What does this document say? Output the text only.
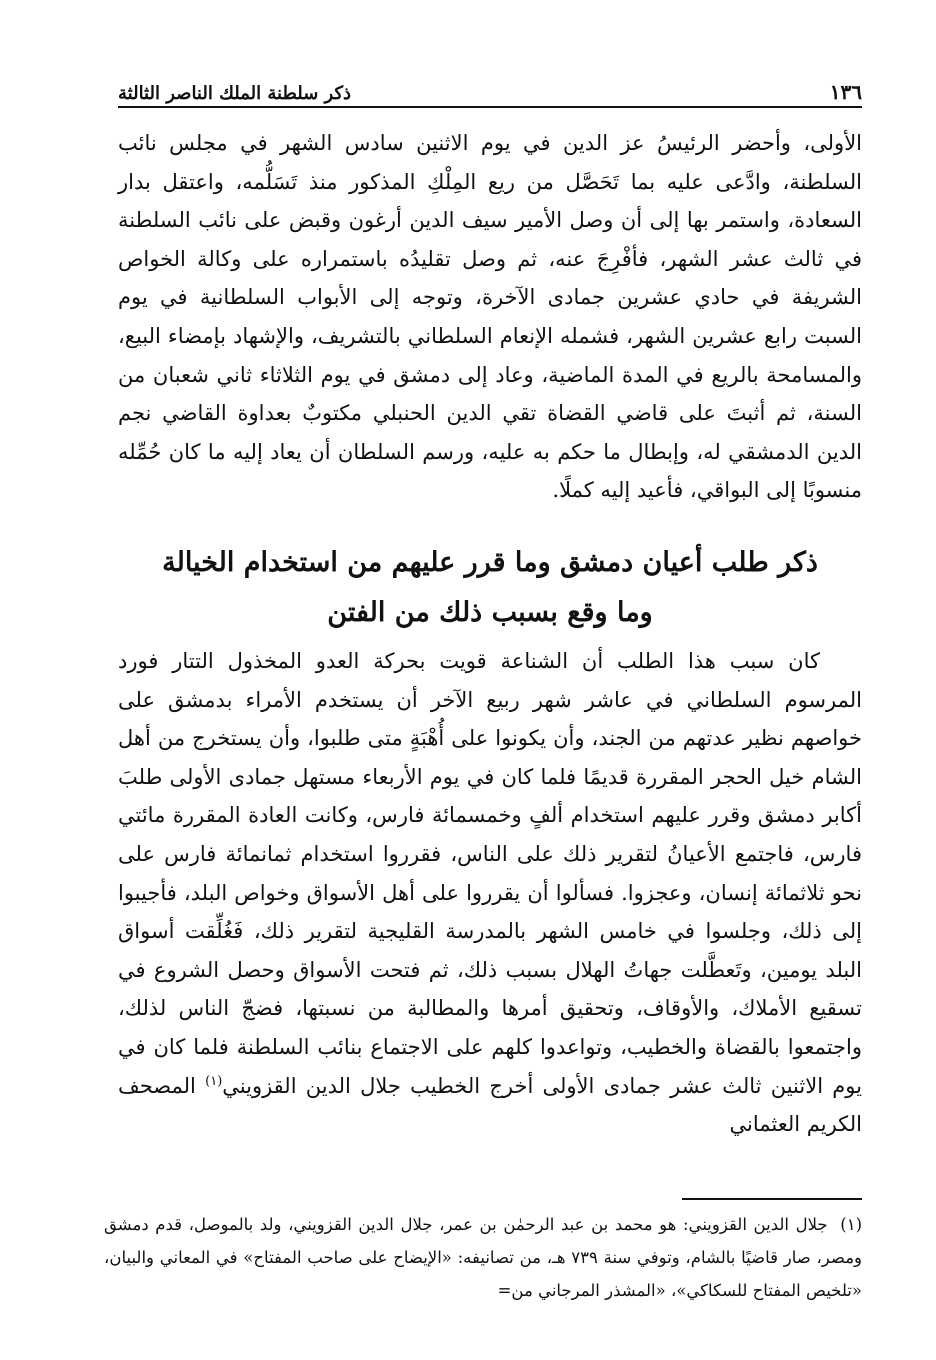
١٣٦
ذكر سلطنة الملك الناصر الثالثة

الأولى، وأحضر الرئيسُ عز الدين في يوم الاثنين سادس الشهر في مجلس نائب السلطنة، وادَّعى عليه بما تَحَصَّل من ريع المِلْكِ المذكور منذ تَسَلُّمه، واعتقل بدار السعادة، واستمر بها إلى أن وصل الأمير سيف الدين أرغون وقبض على نائب السلطنة في ثالث عشر الشهر، فأفْرِجَ عنه، ثم وصل تقليدُه باستمراره على وكالة الخواص الشريفة في حادي عشرين جمادى الآخرة، وتوجه إلى الأبواب السلطانية في يوم السبت رابع عشرين الشهر، فشمله الإنعام السلطاني بالتشريف، والإشهاد بإمضاء البيع، والمسامحة بالريع في المدة الماضية، وعاد إلى دمشق في يوم الثلاثاء ثاني شعبان من السنة، ثم أثبتَ على قاضي القضاة تقي الدين الحنبلي مكتوبٌ بعداوة القاضي نجم الدين الدمشقي له، وإبطال ما حكم به عليه، ورسم السلطان أن يعاد إليه ما كان حُمِّله منسوبًا إلى البواقي، فأعيد إليه كملًا.

ذكر طلب أعيان دمشق وما قرر عليهم من استخدام الخيالة
وما وقع بسبب ذلك من الفتن

كان سبب هذا الطلب أن الشناعة قويت بحركة العدو المخذول التتار فورد المرسوم السلطاني في عاشر شهر ربيع الآخر أن يستخدم الأمراء بدمشق على خواصهم نظير عدتهم من الجند، وأن يكونوا على أُهْبَةٍ متى طلبوا، وأن يستخرج من أهل الشام خيل الحجر المقررة قديمًا فلما كان في يوم الأربعاء مستهل جمادى الأولى طلبَ أكابر دمشق وقرر عليهم استخدام ألفٍ وخمسمائة فارس، وكانت العادة المقررة مائتي فارس، فاجتمع الأعيانُ لتقرير ذلك على الناس، فقرروا استخدام ثمانمائة فارس على نحو ثلاثمائة إنسان، وعجزوا. فسألوا أن يقرروا على أهل الأسواق وخواص البلد، فأجيبوا إلى ذلك، وجلسوا في خامس الشهر بالمدرسة القليجية لتقرير ذلك، فَغُلِّقت أسواق البلد يومين، وتَعطَّلت جهاتُ الهلال بسبب ذلك، ثم فتحت الأسواق وحصل الشروع في تسقيع الأملاك، والأوقاف، وتحقيق أمرها والمطالبة من نسبتها، فضجّ الناس لذلك، واجتمعوا بالقضاة والخطيب، وتواعدوا كلهم على الاجتماع بنائب السلطنة فلما كان في يوم الاثنين ثالث عشر جمادى الأولى أخرج الخطيب جلال الدين القزويني$^{(١)}$ المصحف الكريم العثماني

(١) جلال الدين القزويني: هو محمد بن عبد الرحمٰن بن عمر، جلال الدين القزويني، ولد بالموصل، قدم دمشق ومصر، صار قاضيًا بالشام، وتوفي سنة ٧٣٩ هـ، من تصانيفه: «الإيضاح على صاحب المفتاح» في المعاني والبيان، «تلخيص المفتاح للسكاكي»، «المشذر المرجاني من=
